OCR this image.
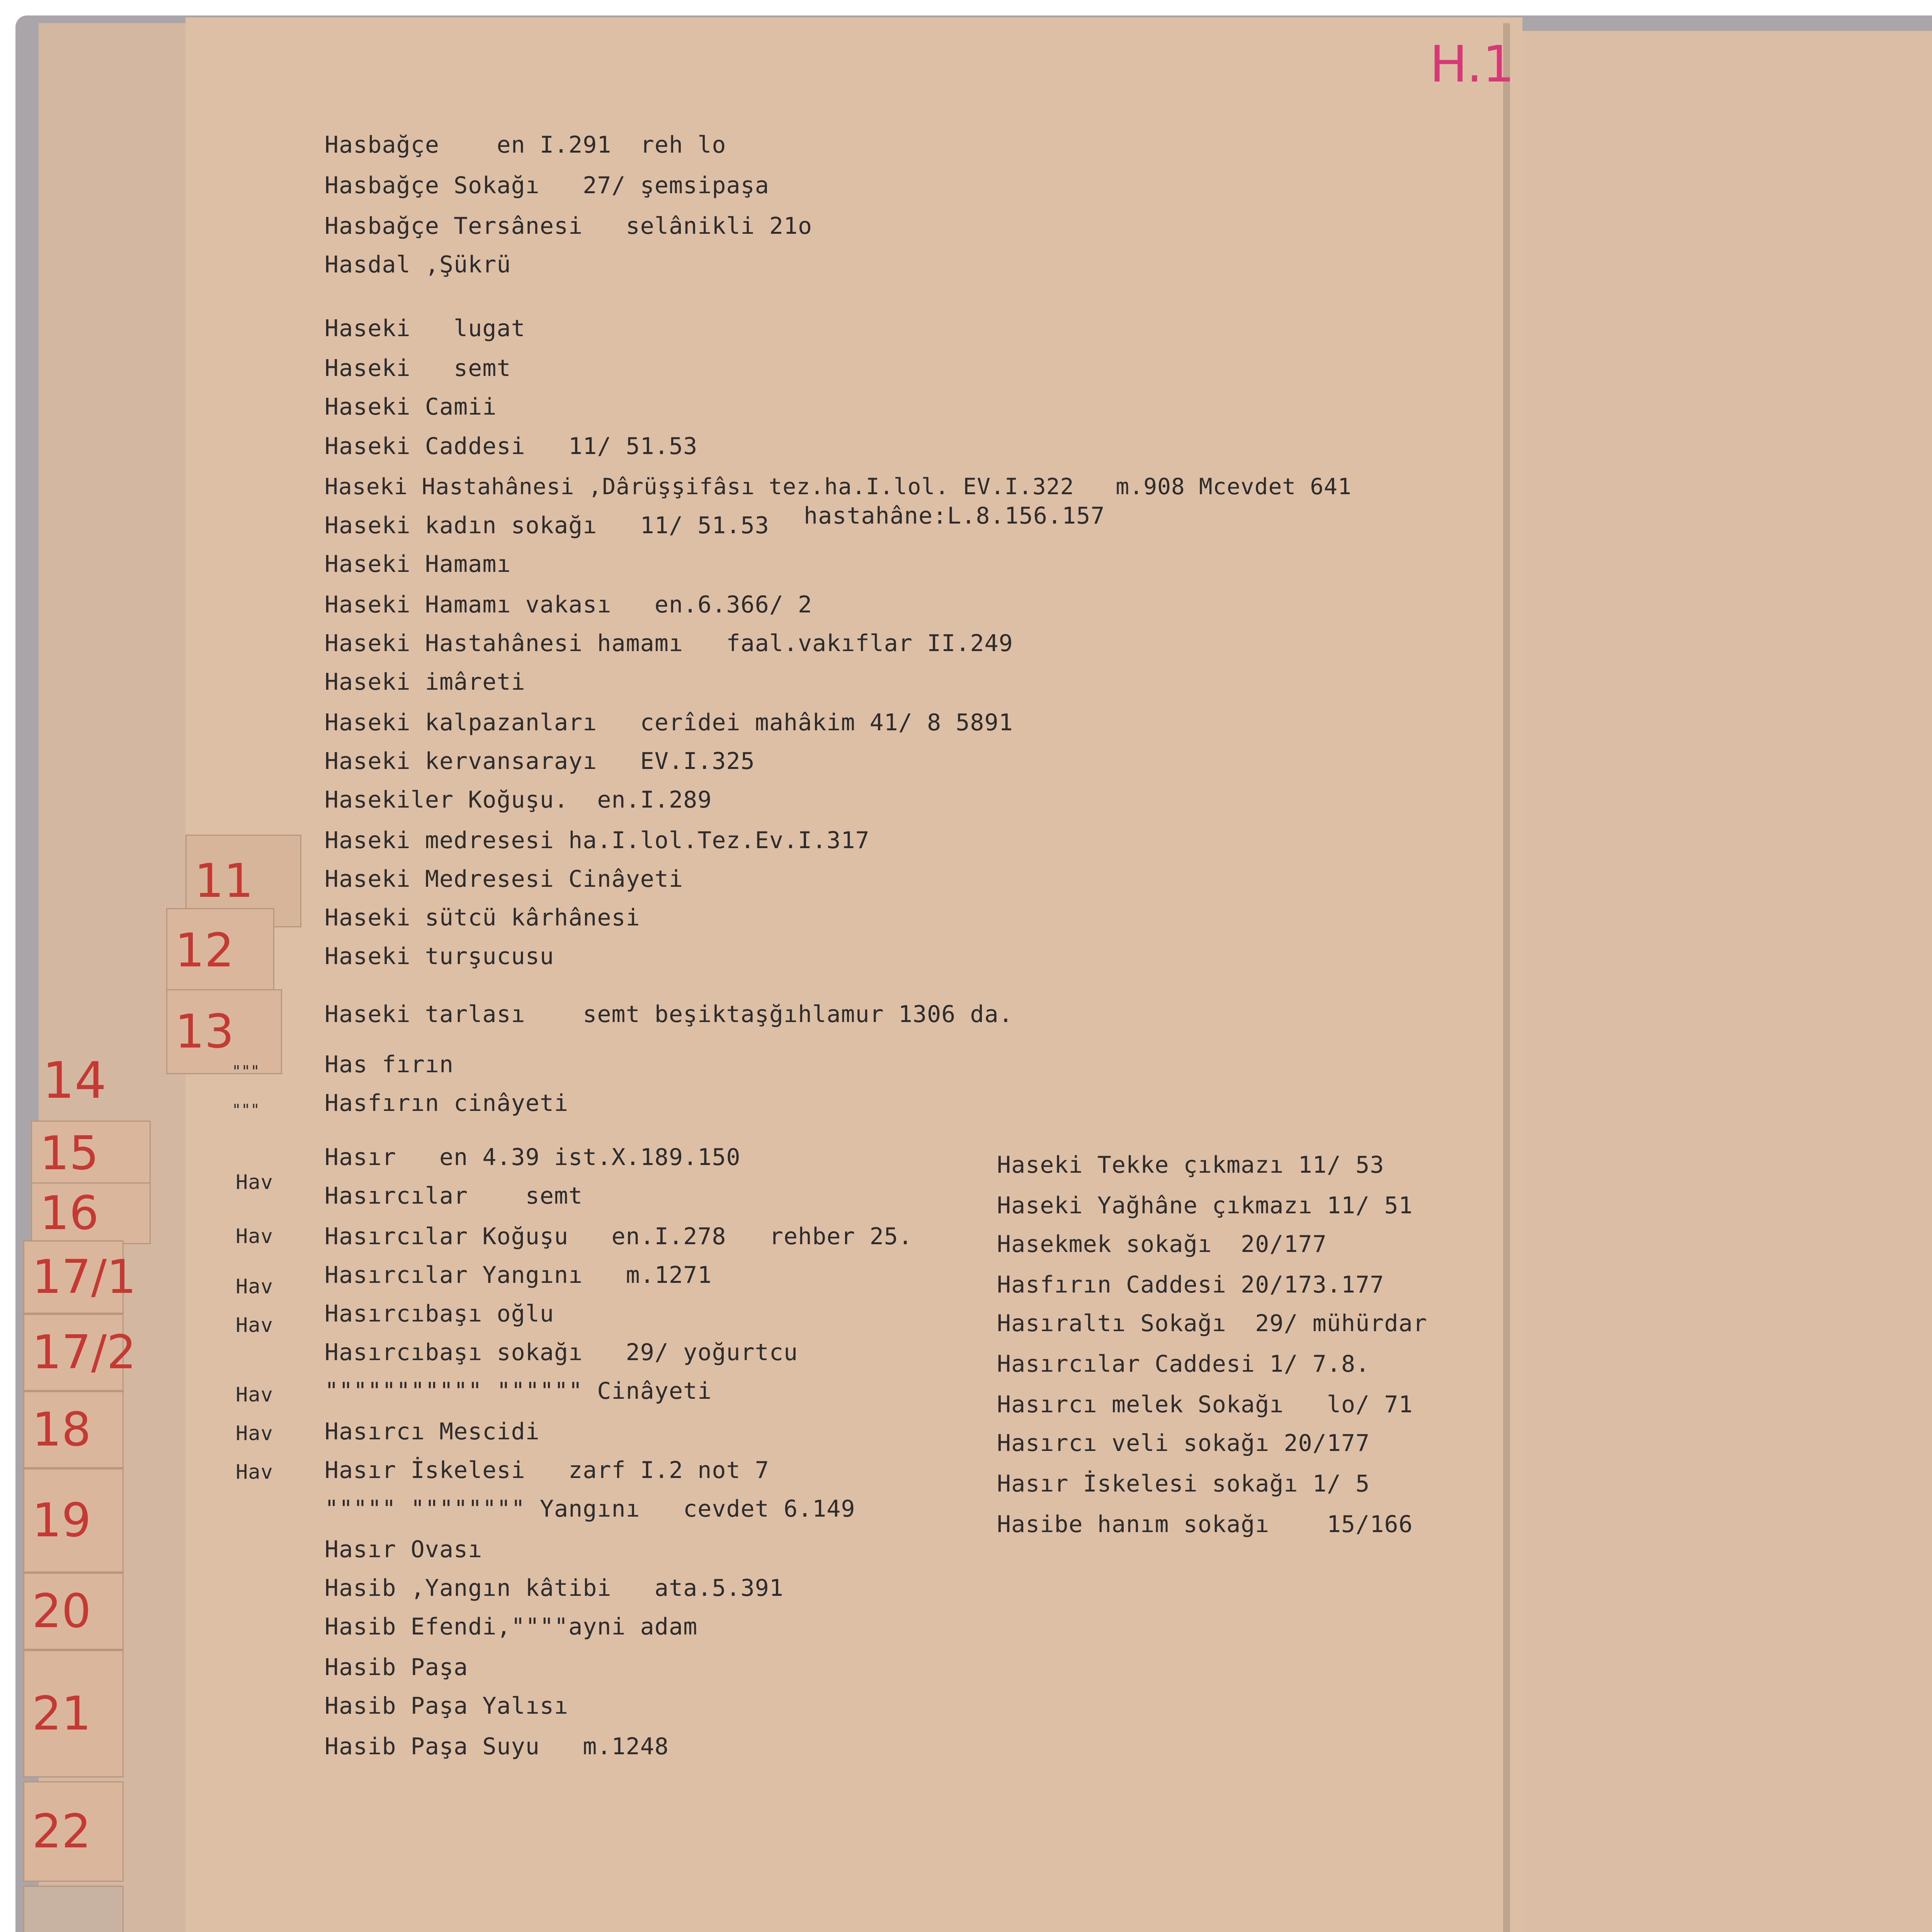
H.1
11
12
13
14
15
16
17/1
17/2
18
19
20
21
22
"""
"""
Hav
Hav
Hav
Hav
Hav
Hav
Hav
Hasbağçe    en I.291  reh lo
Hasbağçe Sokağı   27/ şemsipaşa
Hasbağçe Tersânesi   selânikli 21o
Hasdal ,Şükrü
Haseki   lugat
Haseki   semt
Haseki Camii
Haseki Caddesi   11/ 51.53
Haseki Hastahânesi ,Dârüşşifâsı tez.ha.I.lol. EV.I.322   m.908 Mcevdet 641
Haseki kadın sokağı   11/ 51.53 hastahâne:L.8.156.157
Haseki Hamamı
Haseki Hamamı vakası   en.6.366/ 2
Haseki Hastahânesi hamamı   faal.vakıflar II.249
Haseki imâreti
Haseki kalpazanları   cerîdei mahâkim 41/ 8 5891
Haseki kervansarayı   EV.I.325
Hasekiler Koğuşu.  en.I.289
Haseki medresesi ha.I.lol.Tez.Ev.I.317
Haseki Medresesi Cinâyeti
Haseki sütcü kârhânesi
Haseki turşucusu
Haseki tarlası    semt beşiktaşğıhlamur 1306 da.
Has fırın
Hasfırın cinâyeti
Hasır   en 4.39 ist.X.189.150
Hasırcılar    semt
Hasırcılar Koğuşu   en.I.278   rehber 25.
Hasırcılar Yangını   m.1271
Hasırcıbaşı oğlu
Hasırcıbaşı sokağı   29/ yoğurtcu
""""""""""" """""" Cinâyeti
Hasırcı Mescidi
Hasır İskelesi   zarf I.2 not 7
""""" """""""" Yangını   cevdet 6.149
Hasır Ovası
Hasib ,Yangın kâtibi   ata.5.391
Hasib Efendi,""""ayni adam
Hasib Paşa
Hasib Paşa Yalısı
Hasib Paşa Suyu   m.1248
Haseki Tekke çıkmazı 11/ 53
Haseki Yağhâne çıkmazı 11/ 51
Hasekmek sokağı  20/177
Hasfırın Caddesi 20/173.177
Hasıraltı Sokağı  29/ mühürdar
Hasırcılar Caddesi 1/ 7.8.
Hasırcı melek Sokağı   lo/ 71
Hasırcı veli sokağı 20/177
Hasır İskelesi sokağı 1/ 5
Hasibe hanım sokağı    15/166
